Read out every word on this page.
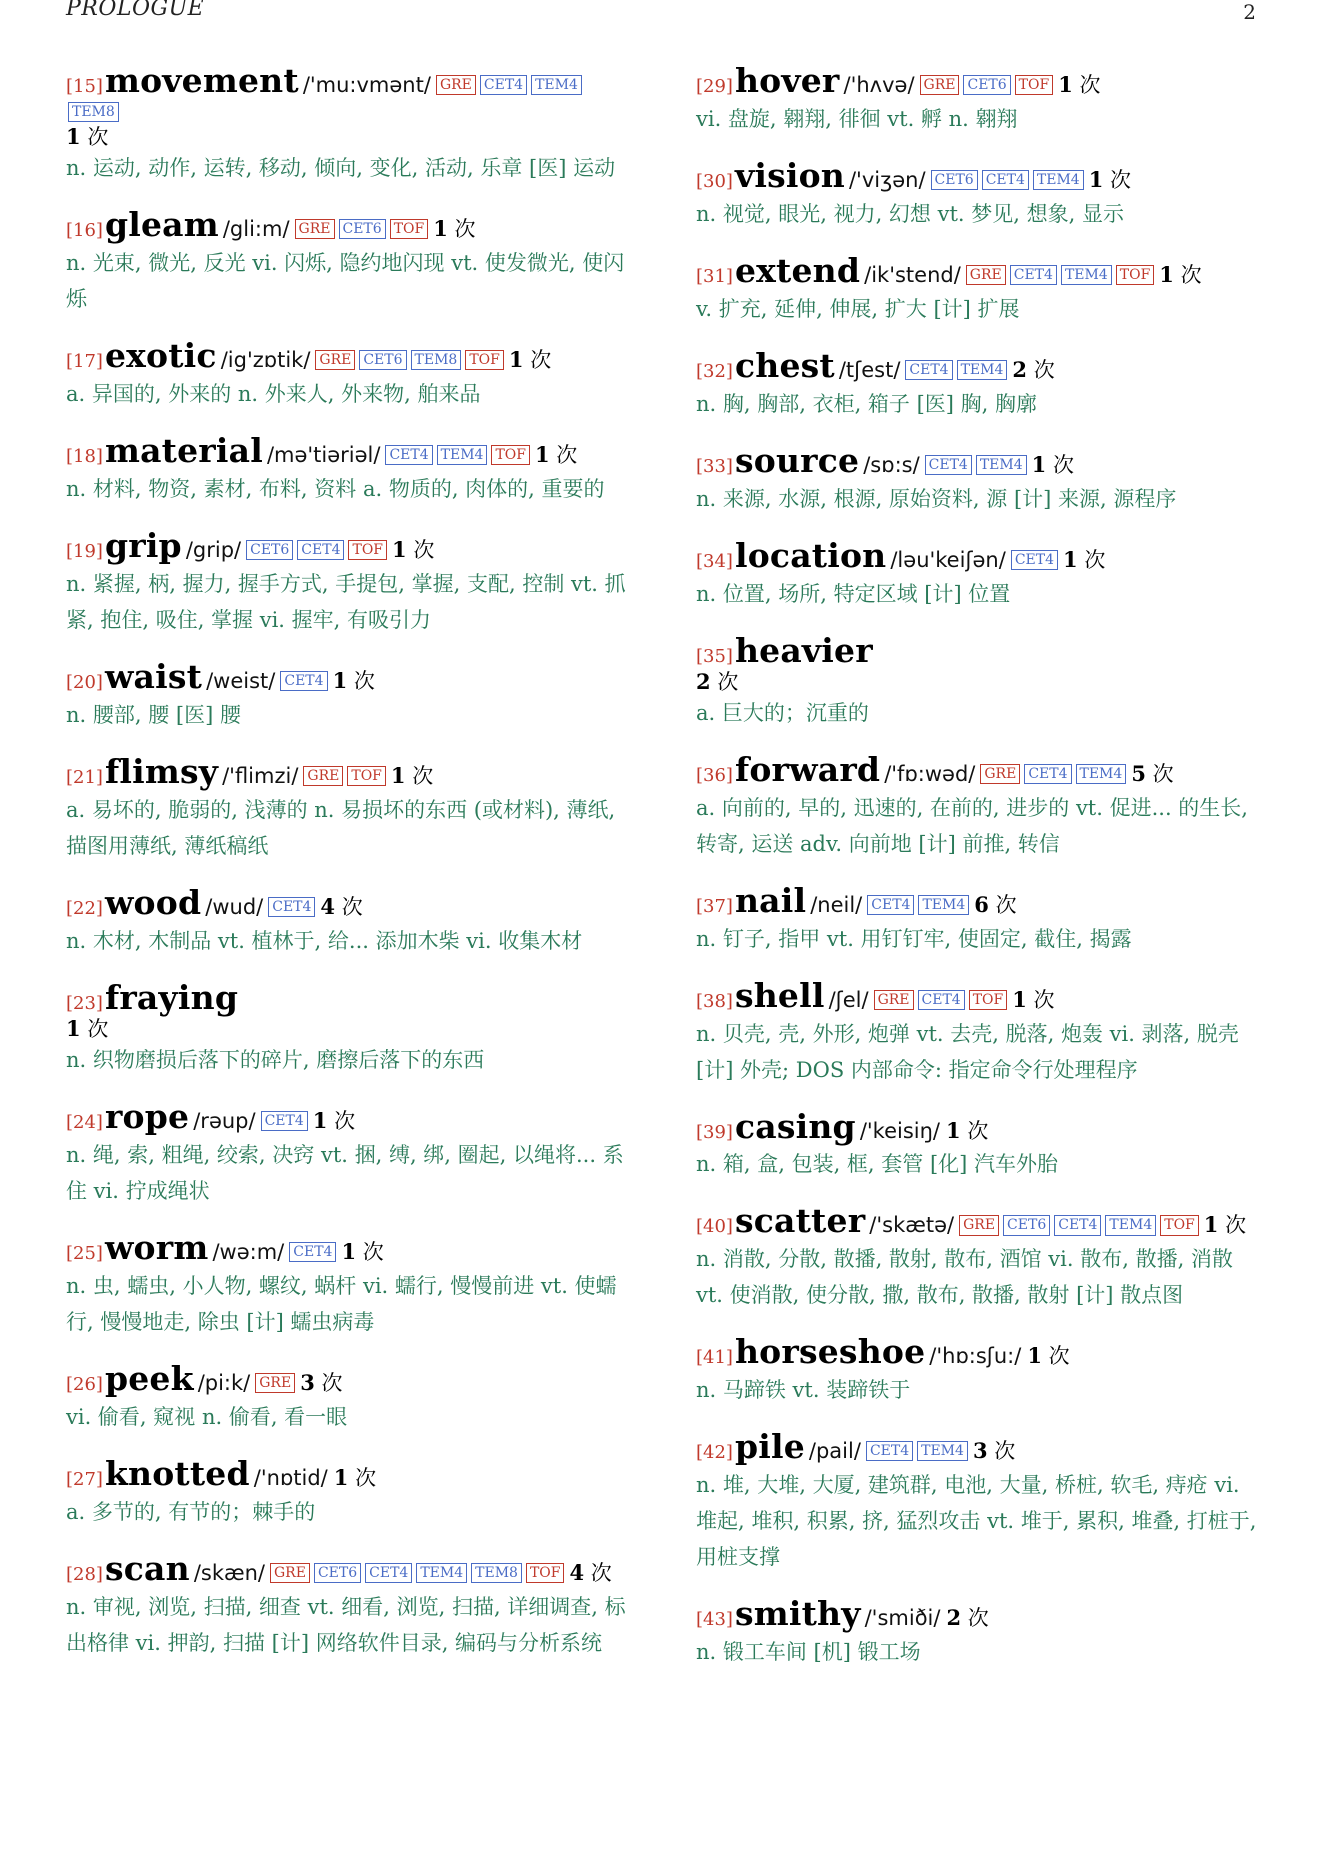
PROLOGUE	2
[15]movement /'mu:vmənt/ GRE CET4 TEM4TEM8
1 次
n. 运动, 动作, 运转, 移动, 倾向, 变化, 活动, 乐章 [医] 运动
[16]gleam /gli:m/ GRE CET6 TOF 1 次
n. 光束, 微光, 反光 vi. 闪烁, 隐约地闪现 vt. 使发微光, 使闪烁
[17]exotic /ig'zɒtik/ GRE CET6 TEM8 TOF 1 次
a. 异国的, 外来的 n. 外来人, 外来物, 舶来品
[18]material /mə'tiəriəl/ CET4 TEM4 TOF 1 次
n. 材料, 物资, 素材, 布料, 资料 a. 物质的, 肉体的, 重要的
[19]grip /grip/ CET6 CET4 TOF 1 次
n. 紧握, 柄, 握力, 握手方式, 手提包, 掌握, 支配, 控制 vt. 抓紧, 抱住, 吸住, 掌握 vi. 握牢, 有吸引力
[20]waist /weist/ CET4 1 次
n. 腰部, 腰 [医] 腰
[21]flimsy /'flimzi/ GRE TOF 1 次
a. 易坏的, 脆弱的, 浅薄的 n. 易损坏的东西 (或材料), 薄纸, 描图用薄纸, 薄纸稿纸
[22]wood /wud/ CET4 4 次
n. 木材, 木制品 vt. 植林于, 给... 添加木柴 vi. 收集木材
[23]fraying
1 次
n. 织物磨损后落下的碎片, 磨擦后落下的东西
[24]rope /rəup/ CET4 1 次
n. 绳, 索, 粗绳, 绞索, 决窍 vt. 捆, 缚, 绑, 圈起, 以绳将... 系住 vi. 拧成绳状
[25]worm /wə:m/ CET4 1 次
n. 虫, 蠕虫, 小人物, 螺纹, 蜗杆 vi. 蠕行, 慢慢前进 vt. 使蠕行, 慢慢地走, 除虫 [计] 蠕虫病毒
[26]peek /pi:k/ GRE 3 次
vi. 偷看, 窥视 n. 偷看, 看一眼
[27]knotted /'nɒtid/ 1 次
a. 多节的, 有节的；棘手的
[28]scan /skæn/ GRE CET6 CET4 TEM4 TEM8 TOF 4 次
n. 审视, 浏览, 扫描, 细查 vt. 细看, 浏览, 扫描, 详细调查, 标出格律 vi. 押韵, 扫描 [计] 网络软件目录, 编码与分析系统
[29]hover /'hʌvə/ GRE CET6 TOF 1 次
vi. 盘旋, 翱翔, 徘徊 vt. 孵 n. 翱翔
[30]vision /'viʒən/ CET6 CET4 TEM4 1 次
n. 视觉, 眼光, 视力, 幻想 vt. 梦见, 想象, 显示
[31]extend /ik'stend/ GRE CET4 TEM4 TOF 1 次
v. 扩充, 延伸, 伸展, 扩大 [计] 扩展
[32]chest /tʃest/ CET4 TEM4 2 次
n. 胸, 胸部, 衣柜, 箱子 [医] 胸, 胸廓
[33]source /sɒ:s/ CET4 TEM4 1 次
n. 来源, 水源, 根源, 原始资料, 源 [计] 来源, 源程序
[34]location /ləu'keiʃən/ CET4 1 次
n. 位置, 场所, 特定区域 [计] 位置
[35]heavier
2 次
a. 巨大的；沉重的
[36]forward /'fɒ:wəd/ GRE CET4 TEM4 5 次
a. 向前的, 早的, 迅速的, 在前的, 进步的 vt. 促进... 的生长, 转寄, 运送 adv. 向前地 [计] 前推, 转信
[37]nail /neil/ CET4 TEM4 6 次
n. 钉子, 指甲 vt. 用钉钉牢, 使固定, 截住, 揭露
[38]shell /ʃel/ GRE CET4 TOF 1 次
n. 贝壳, 壳, 外形, 炮弹 vt. 去壳, 脱落, 炮轰 vi. 剥落, 脱壳 [计] 外壳; DOS 内部命令: 指定命令行处理程序
[39]casing /'keisiŋ/ 1 次
n. 箱, 盒, 包装, 框, 套管 [化] 汽车外胎
[40]scatter /'skætə/ GRE CET6 CET4 TEM4 TOF 1 次
n. 消散, 分散, 散播, 散射, 散布, 酒馆 vi. 散布, 散播, 消散 vt. 使消散, 使分散, 撒, 散布, 散播, 散射 [计] 散点图
[41]horseshoe /'hɒ:sʃu:/ 1 次
n. 马蹄铁 vt. 装蹄铁于
[42]pile /pail/ CET4 TEM4 3 次
n. 堆, 大堆, 大厦, 建筑群, 电池, 大量, 桥桩, 软毛, 痔疮 vi. 堆起, 堆积, 积累, 挤, 猛烈攻击 vt. 堆于, 累积, 堆叠, 打桩于, 用桩支撑
[43]smithy /'smiði/ 2 次
n. 锻工车间 [机] 锻工场
